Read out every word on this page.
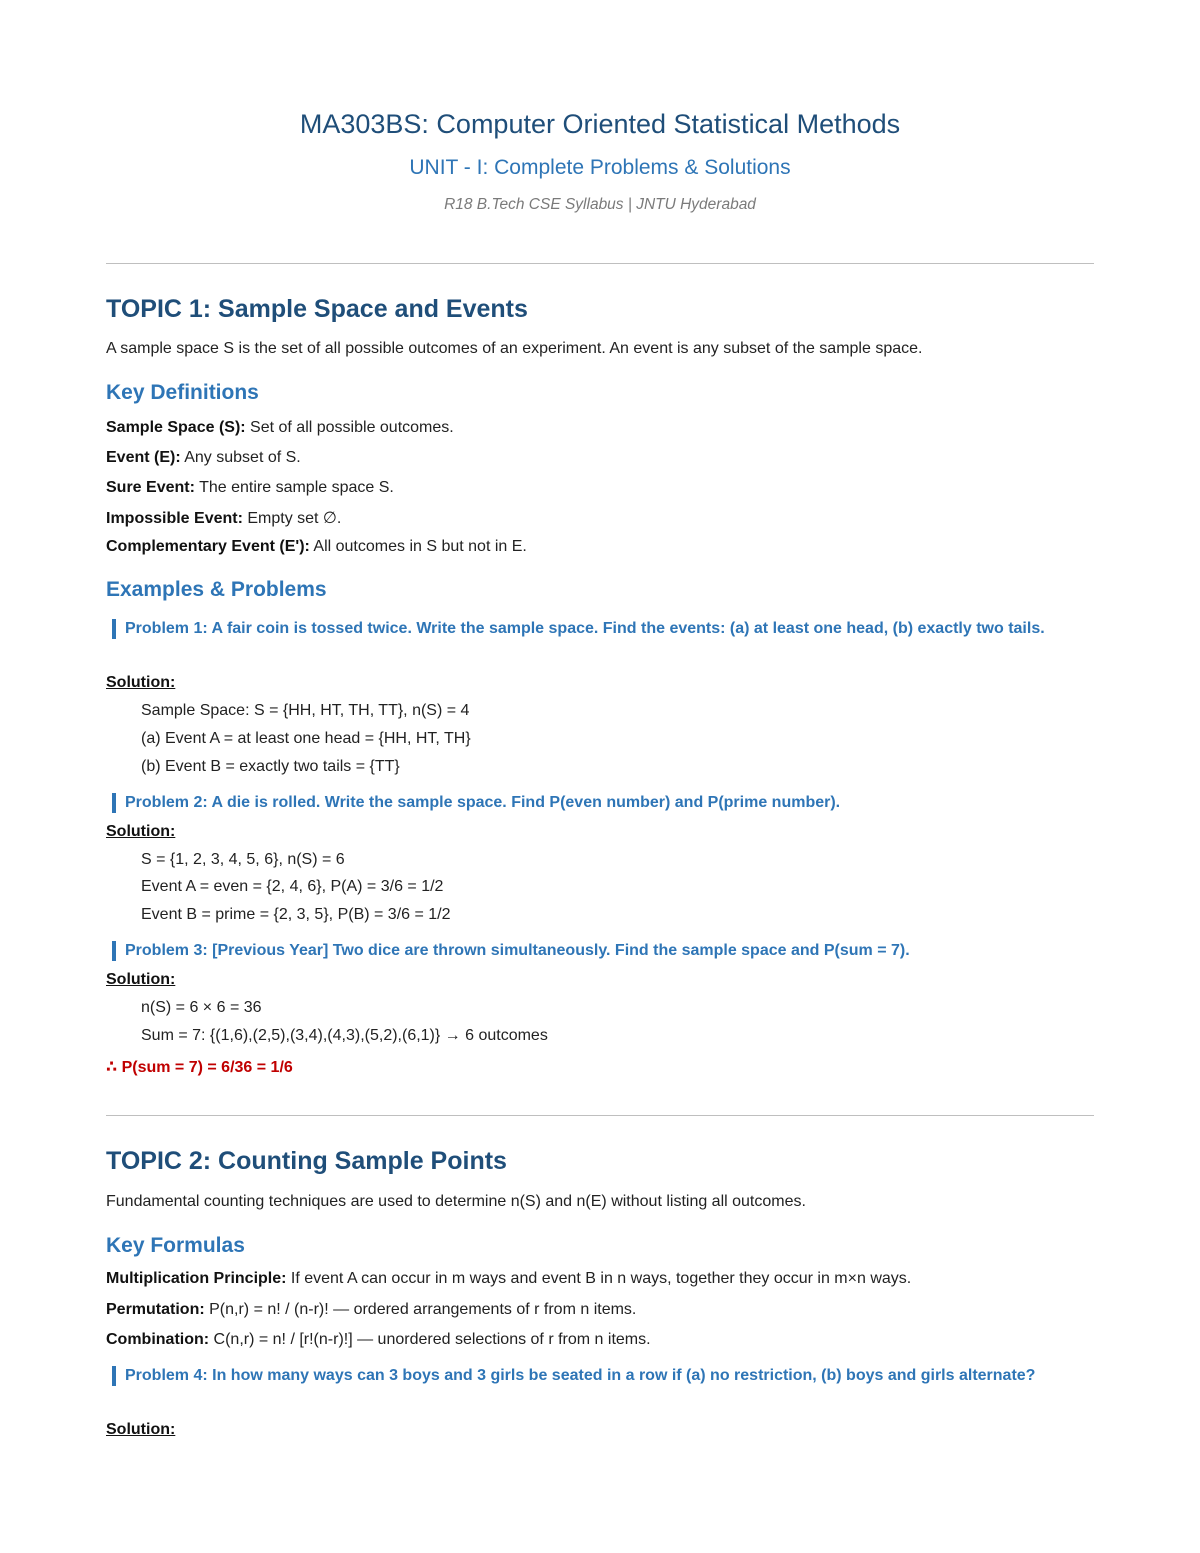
MA303BS: Computer Oriented Statistical Methods
UNIT - I: Complete Problems & Solutions
R18 B.Tech CSE Syllabus | JNTU Hyderabad
TOPIC 1: Sample Space and Events
A sample space S is the set of all possible outcomes of an experiment. An event is any subset of the sample space.
Key Definitions
Sample Space (S): Set of all possible outcomes.
Event (E): Any subset of S.
Sure Event: The entire sample space S.
Impossible Event: Empty set ∅.
Complementary Event (E'): All outcomes in S but not in E.
Examples & Problems
Problem 1: A fair coin is tossed twice. Write the sample space. Find the events: (a) at least one head, (b) exactly two tails.
Solution:
Sample Space: S = {HH, HT, TH, TT}, n(S) = 4
(a) Event A = at least one head = {HH, HT, TH}
(b) Event B = exactly two tails = {TT}
Problem 2: A die is rolled. Write the sample space. Find P(even number) and P(prime number).
Solution:
S = {1, 2, 3, 4, 5, 6}, n(S) = 6
Event A = even = {2, 4, 6}, P(A) = 3/6 = 1/2
Event B = prime = {2, 3, 5}, P(B) = 3/6 = 1/2
Problem 3: [Previous Year] Two dice are thrown simultaneously. Find the sample space and P(sum = 7).
Solution:
n(S) = 6 × 6 = 36
Sum = 7: {(1,6),(2,5),(3,4),(4,3),(5,2),(6,1)} → 6 outcomes
∴ P(sum = 7) = 6/36 = 1/6
TOPIC 2: Counting Sample Points
Fundamental counting techniques are used to determine n(S) and n(E) without listing all outcomes.
Key Formulas
Multiplication Principle: If event A can occur in m ways and event B in n ways, together they occur in m×n ways.
Permutation: P(n,r) = n! / (n-r)! — ordered arrangements of r from n items.
Combination: C(n,r) = n! / [r!(n-r)!] — unordered selections of r from n items.
Problem 4: In how many ways can 3 boys and 3 girls be seated in a row if (a) no restriction, (b) boys and girls alternate?
Solution:
